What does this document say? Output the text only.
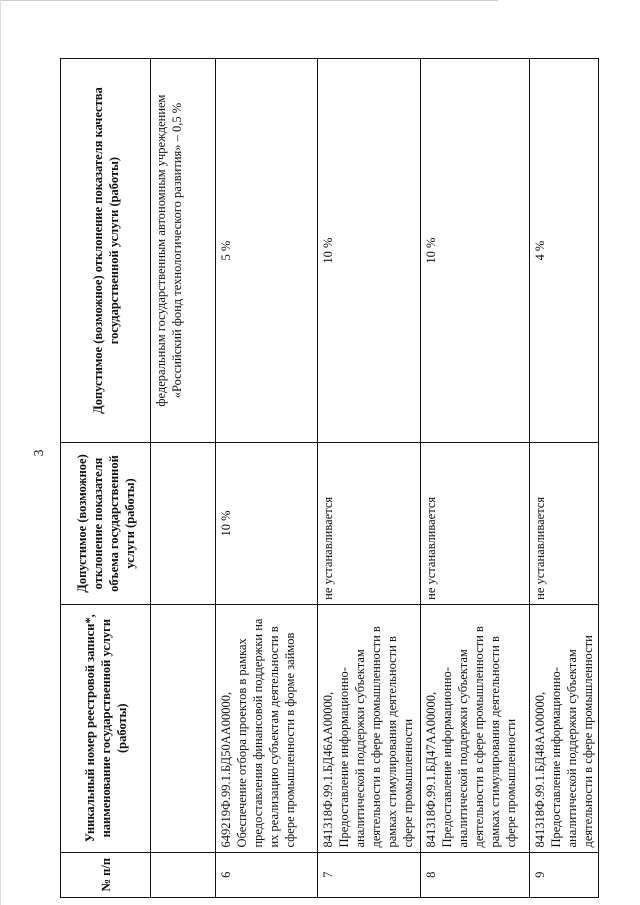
3
№ п/п	Уникальный номер реестровой записи*, наименование государственной услуги (работы)	Допустимое (возможное) отклонение показателя объема государственной услуги (работы)	Допустимое (возможное) отклонение показателя качества государственной услуги (работы)
			федеральным государственным автономным учреждением «Российский фонд технологического развития» – 0,5 %
6	649219Ф.99.1.БД50АА00000, Обеспечение отбора проектов в рамках предоставления финансовой поддержки на их реализацию субъектам деятельности в сфере промышленности в форме займов	10 %	5 %
7	841318Ф.99.1.БД46АА00000, Предоставление информационно-аналитической поддержки субъектам деятельности в сфере промышленности в рамках стимулирования деятельности в сфере промышленности	не устанавливается	10 %
8	841318Ф.99.1.БД47АА00000, Предоставление информационно-аналитической поддержки субъектам деятельности в сфере промышленности в рамках стимулирования деятельности в сфере промышленности	не устанавливается	10 %
9	841318Ф.99.1.БД48АА00000, Предоставление информационно-аналитической поддержки субъектам деятельности в сфере промышленности	не устанавливается	4 %
